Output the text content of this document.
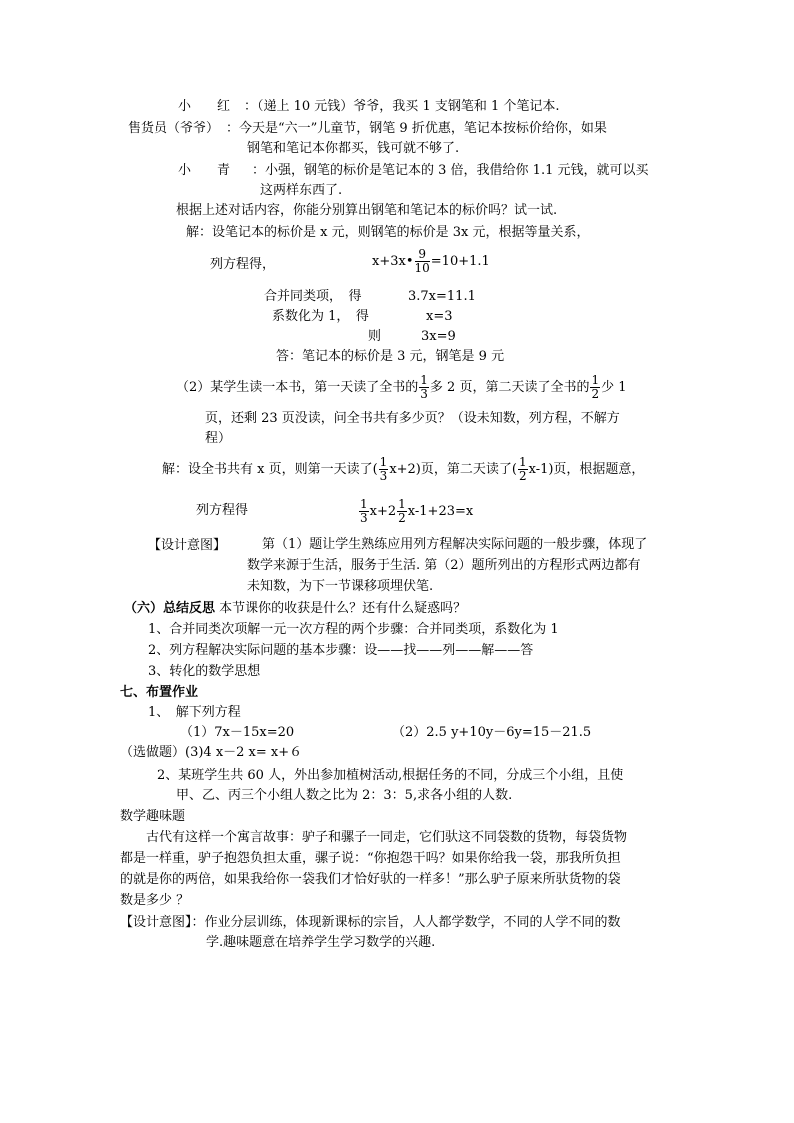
小　　红 ：（递上 10 元钱）爷爷，我买 1 支钢笔和 1 个笔记本.
售货员（爷爷） ：今天是“六一”儿童节，钢笔 9 折优惠，笔记本按标价给你，如果
钢笔和笔记本你都买，钱可就不够了.
小　　青 ：小强，钢笔的标价是笔记本的 3 倍，我借给你 1.1 元钱，就可以买
这两样东西了.
根据上述对话内容，你能分别算出钢笔和笔记本的标价吗？试一试.
解：设笔记本的标价是 x 元，则钢笔的标价是 3x 元，根据等量关系，
列方程得，	x+3x• $\frac{9}{10} =10+1.1$
合并同类项，　得	3.7x=11.1
系数化为 1，　得	x=3
则	3x=9
答：笔记本的标价是 3 元，钢笔是 9 元
（2）某学生读一本书，第一天读了全书的 $\frac{1}{3}$ 多 2 页，第二天读了全书的 $\frac{1}{2}$ 少 1
页，还剩 23 页没读，问全书共有多少页？（设未知数，列方程，不解方
程）
解：设全书共有 x 页，则第一天读了( $\frac{1}{3} x+2$)页，第二天读了( $\frac{1}{2} x-1$)页，根据题意，
列方程得	$\frac{1}{3} x+2 \frac{1}{2} x-1+23=x$
【设计意图】	第（1）题让学生熟练应用列方程解决实际问题的一般步骤，体现了
数学来源于生活，服务于生活. 第（2）题所列出的方程形式两边都有
未知数，为下一节课移项埋伏笔.
（六）总结反思 本节课你的收获是什么？还有什么疑惑吗？
1、合并同类次项解一元一次方程的两个步骤：合并同类项，系数化为 1
2、列方程解决实际问题的基本步骤：设——找——列——解——答
3、转化的数学思想
七、布置作业
1、　解下列方程
（1）7x－15x=20	（2）2.5 y+10y－6y=15－21.5
（选做题）(3)4 x－2 x= x+６
2、某班学生共 60 人，外出参加植树活动,根据任务的不同，分成三个小组，且使
甲、乙、丙三个小组人数之比为 2：3：5,求各小组的人数.
数学趣味题
古代有这样一个寓言故事：驴子和骡子一同走，它们驮这不同袋数的货物，每袋货物
都是一样重，驴子抱怨负担太重，骡子说：“你抱怨干吗？如果你给我一袋，那我所负担
的就是你的两倍，如果我给你一袋我们才恰好驮的一样多！”那么驴子原来所驮货物的袋
数是多少 ？
【设计意图】：作业分层训练，体现新课标的宗旨，人人都学数学，不同的人学不同的数
学.趣味题意在培养学生学习数学的兴趣.
